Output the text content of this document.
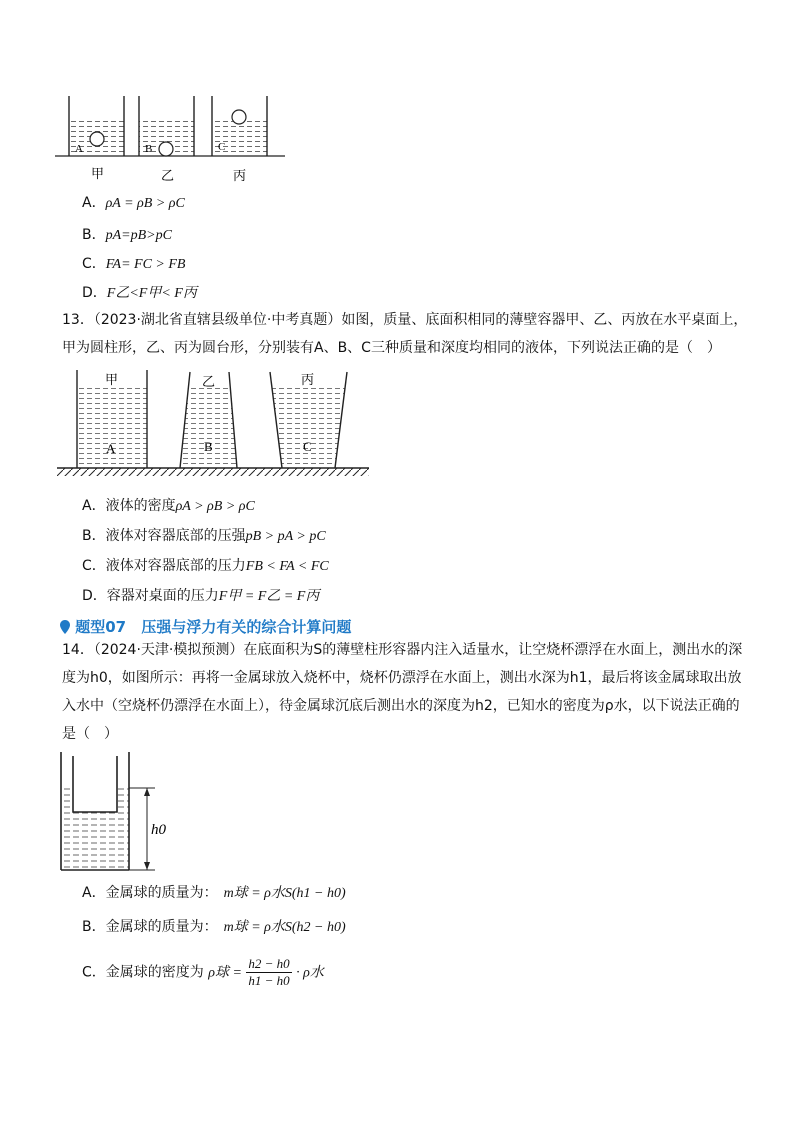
A	B	C
甲	乙	丙
A．ρA = ρB > ρC
B．pA=pB>pC
C．FA= FC > FB
D．F乙<F甲< F丙
13．（2023·湖北省直辖县级单位·中考真题）如图，质量、底面积相同的薄壁容器甲、乙、丙放在水平桌面上，甲为圆柱形，乙、丙为圆台形，分别装有A、B、C三种质量和深度均相同的液体，下列说法正确的是（　）
甲	乙	丙
A	B	C
A．液体的密度ρA > ρB > ρC
B．液体对容器底部的压强pB > pA > pC
C．液体对容器底部的压力FB < FA < FC
D．容器对桌面的压力F甲 = F乙 = F丙
题型07 压强与浮力有关的综合计算问题
14．（2024·天津·模拟预测）在底面积为S的薄壁柱形容器内注入适量水，让空烧杯漂浮在水面上，测出水的深度为h0，如图所示：再将一金属球放入烧杯中，烧杯仍漂浮在水面上，测出水深为h1，最后将该金属球取出放入水中（空烧杯仍漂浮在水面上），待金属球沉底后测出水的深度为h2，已知水的密度为ρ水，以下说法正确的是（　）
h0
A．金属球的质量为： m球 = ρ水S(h1 − h0)
B．金属球的质量为： m球 = ρ水S(h2 − h0)
C．金属球的密度为 ρ球 = $\frac{h2 - h0}{h1 - h0} \cdot \rho$水
